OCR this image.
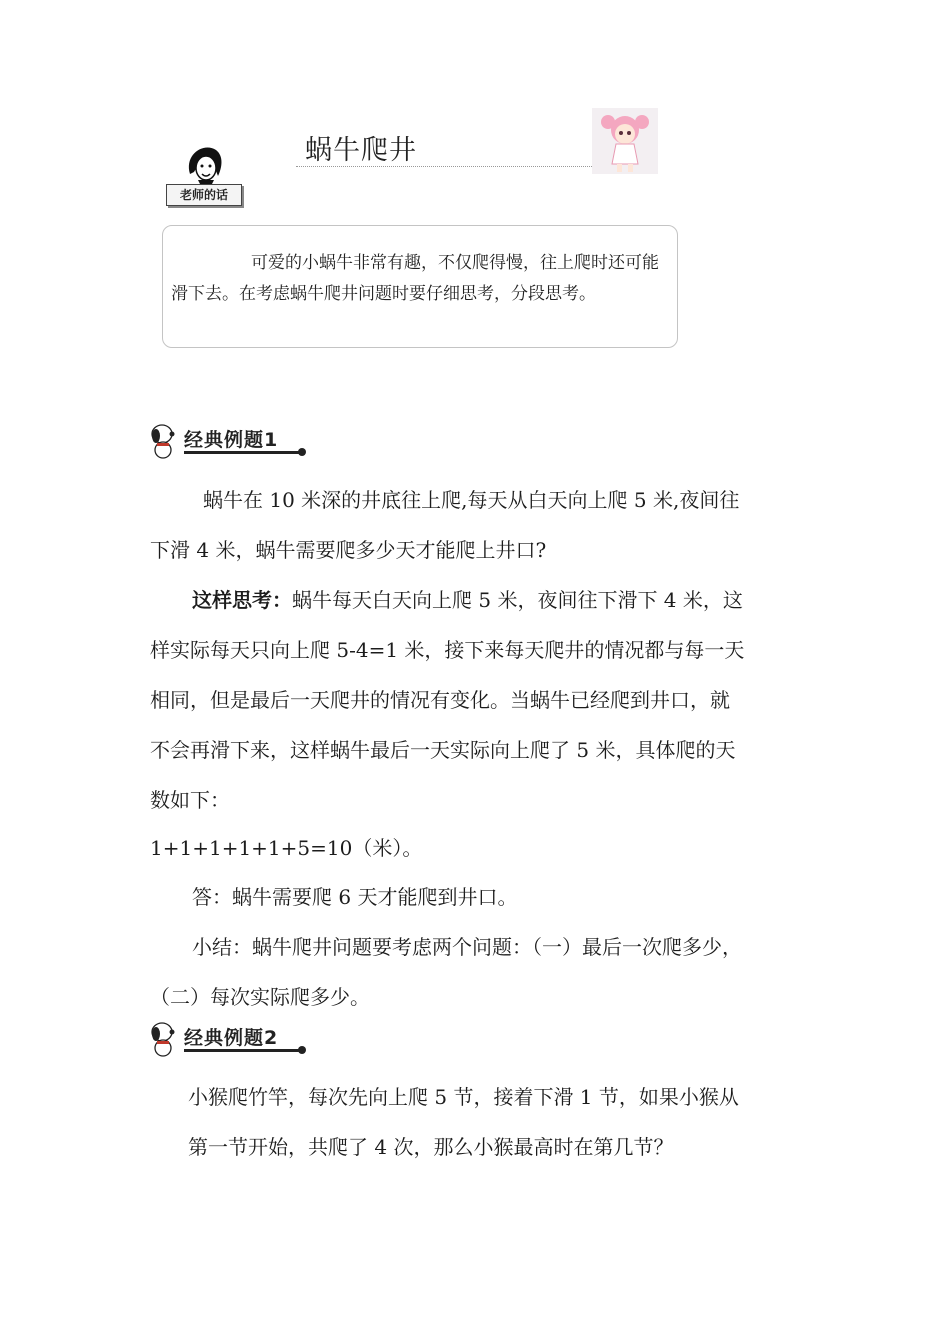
老师的话
蜗牛爬井
可爱的小蜗牛非常有趣，不仅爬得慢，往上爬时还可能滑下去。在考虑蜗牛爬井问题时要仔细思考，分段思考。
经典例题1
蜗牛在 10 米深的井底往上爬,每天从白天向上爬 5 米,夜间往
下滑 4 米，蜗牛需要爬多少天才能爬上井口?
这样思考：蜗牛每天白天向上爬 5 米，夜间往下滑下 4 米，这
样实际每天只向上爬 5-4=1 米，接下来每天爬井的情况都与每一天
相同，但是最后一天爬井的情况有变化。当蜗牛已经爬到井口，就
不会再滑下来，这样蜗牛最后一天实际向上爬了 5 米，具体爬的天
数如下：
1+1+1+1+1+5=10（米）。
答：蜗牛需要爬 6 天才能爬到井口。
小结：蜗牛爬井问题要考虑两个问题：（一）最后一次爬多少，
（二）每次实际爬多少。
经典例题2
小猴爬竹竿，每次先向上爬 5 节，接着下滑 1 节，如果小猴从
第一节开始，共爬了 4 次，那么小猴最高时在第几节？
